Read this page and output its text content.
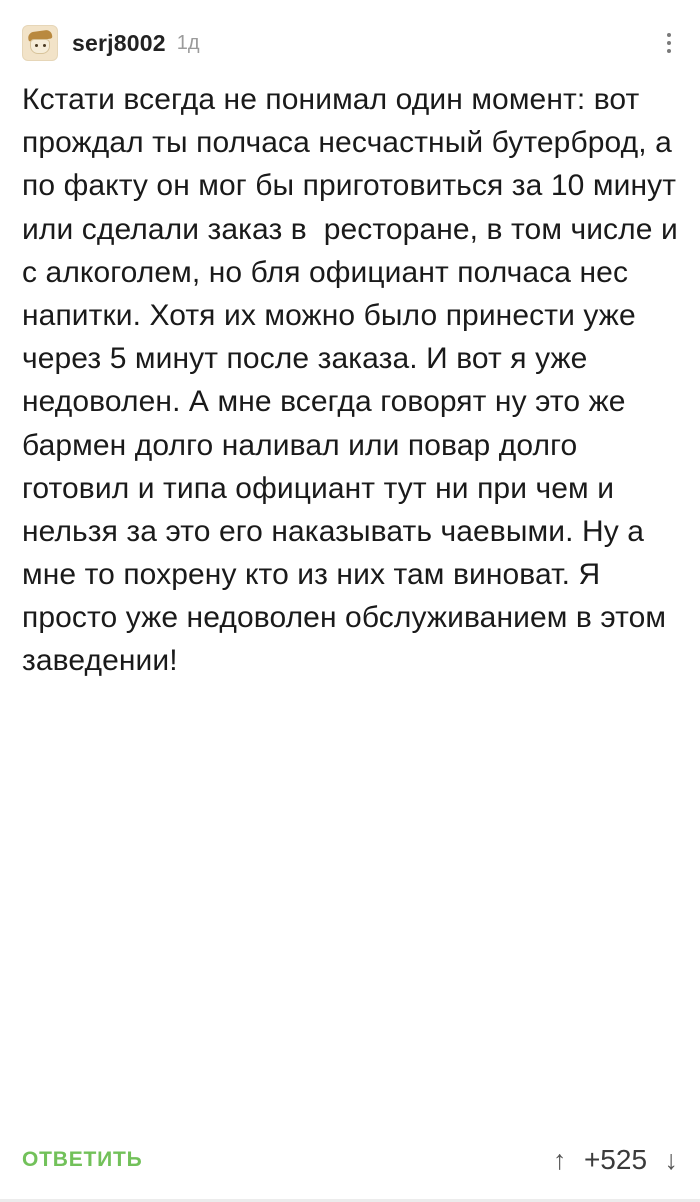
serj8002 1д
Кстати всегда не понимал один момент: вот прождал ты полчаса несчастный бутерброд, а по факту он мог бы приготовиться за 10 минут или сделали заказ в  ресторане, в том числе и с алкоголем, но бля официант полчаса нес напитки. Хотя их можно было принести уже через 5 минут после заказа. И вот я уже недоволен. А мне всегда говорят ну это же бармен долго наливал или повар долго готовил и типа официант тут ни при чем и нельзя за это его наказывать чаевыми. Ну а мне то похрену кто из них там виноват. Я просто уже недоволен обслуживанием в этом заведении!
ОТВЕТИТЬ	↑ +525 ↓
